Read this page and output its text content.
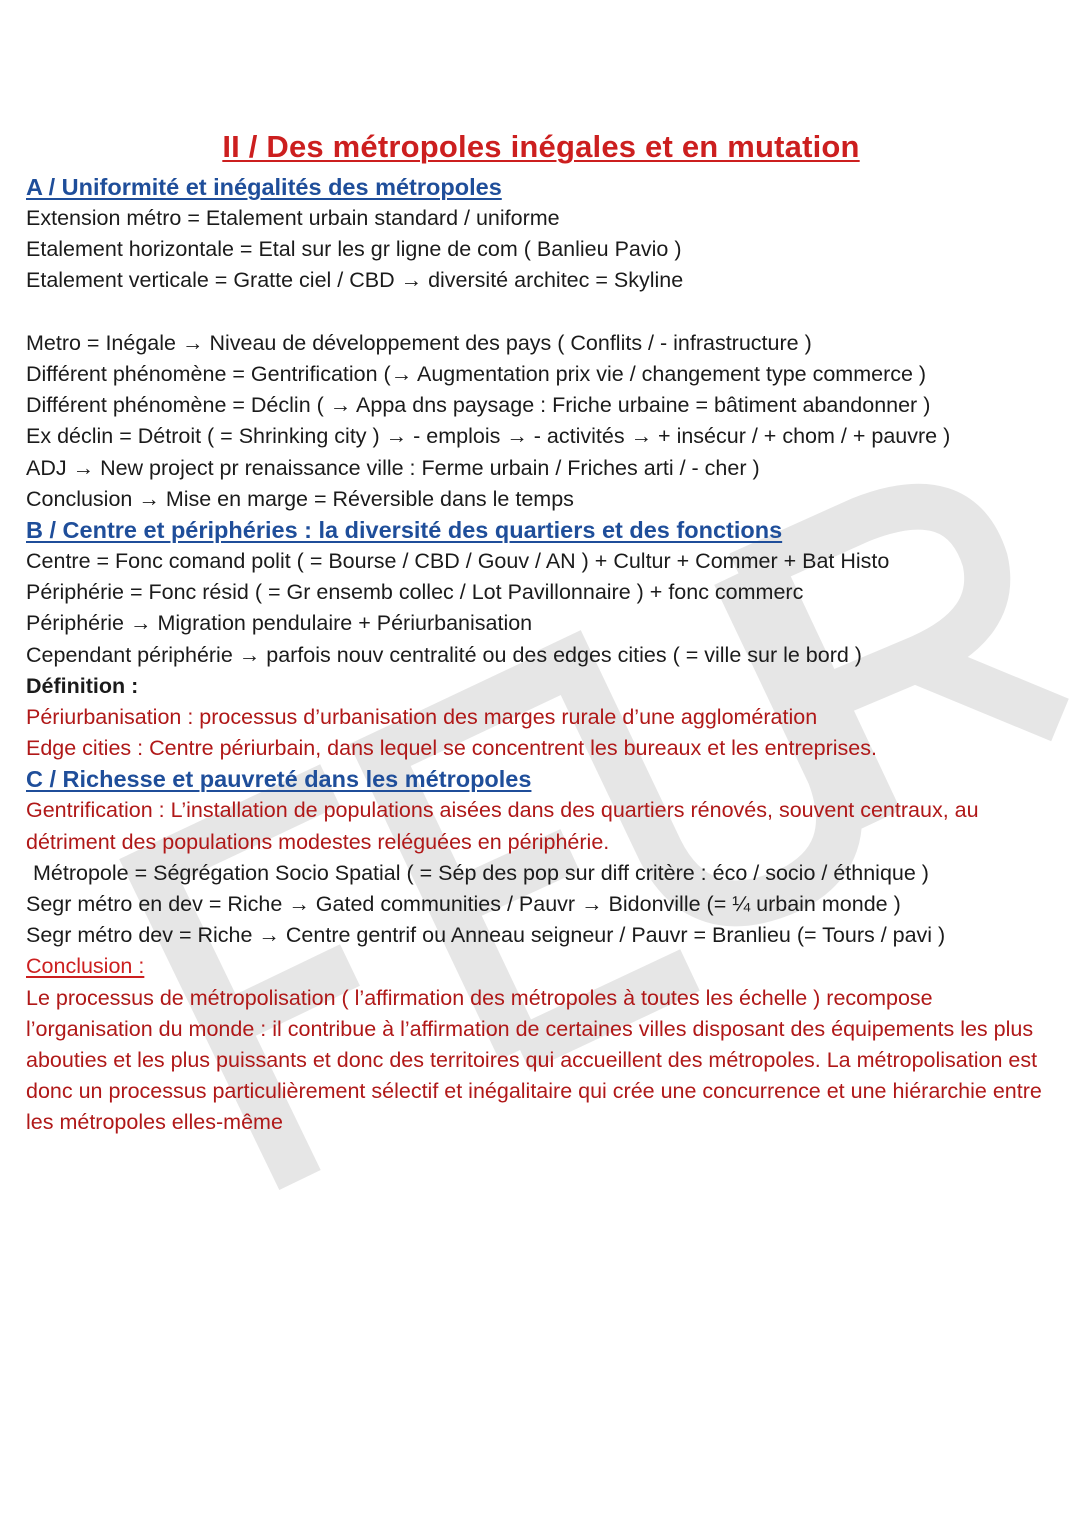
II / Des métropoles inégales et en mutation
A / Uniformité et inégalités des métropoles
Extension métro = Etalement urbain standard / uniforme
Etalement horizontale = Etal sur les gr ligne de com ( Banlieu Pavio )
Etalement verticale = Gratte ciel / CBD → diversité architec = Skyline
Metro = Inégale → Niveau de développement des pays ( Conflits / - infrastructure )
Différent phénomène = Gentrification (→ Augmentation prix vie / changement type commerce )
Différent phénomène = Déclin ( → Appa dns paysage : Friche urbaine = bâtiment abandonner )
Ex déclin = Détroit ( = Shrinking city ) → - emplois → - activités → + insécur / + chom / + pauvre )
ADJ → New project pr renaissance ville : Ferme urbain / Friches arti / - cher )
Conclusion → Mise en marge = Réversible dans le temps
B / Centre et périphéries : la diversité des quartiers et des fonctions
Centre = Fonc comand polit ( = Bourse / CBD / Gouv / AN ) + Cultur + Commer + Bat Histo
Périphérie = Fonc résid ( = Gr ensemb collec / Lot Pavillonnaire ) + fonc commerc
Périphérie → Migration pendulaire + Périurbanisation
Cependant périphérie → parfois nouv centralité ou des edges cities ( = ville sur le bord )
Définition :
Périurbanisation : processus d’urbanisation des marges rurale d’une agglomération
Edge cities : Centre périurbain, dans lequel se concentrent les bureaux et les entreprises.
C / Richesse et pauvreté dans les métropoles
Gentrification : L’installation de populations aisées dans des quartiers rénovés, souvent centraux, au détriment des populations modestes reléguées en périphérie.
Métropole = Ségrégation Socio Spatial ( = Sép des pop sur diff critère : éco / socio / éthnique )
Segr métro en dev = Riche → Gated communities / Pauvr → Bidonville (= ¼ urbain monde )
Segr métro dev = Riche → Centre gentrif ou Anneau seigneur / Pauvr = Branlieu (= Tours / pavi )
Conclusion :
Le processus de métropolisation ( l’affirmation des métropoles à toutes les échelle ) recompose l’organisation du monde : il contribue à l’affirmation de certaines villes disposant des équipements les plus abouties et les plus puissants et donc des territoires qui accueillent des métropoles. La métropolisation est donc un processus particulièrement sélectif et inégalitaire qui crée une concurrence et une hiérarchie entre les métropoles elles-même
